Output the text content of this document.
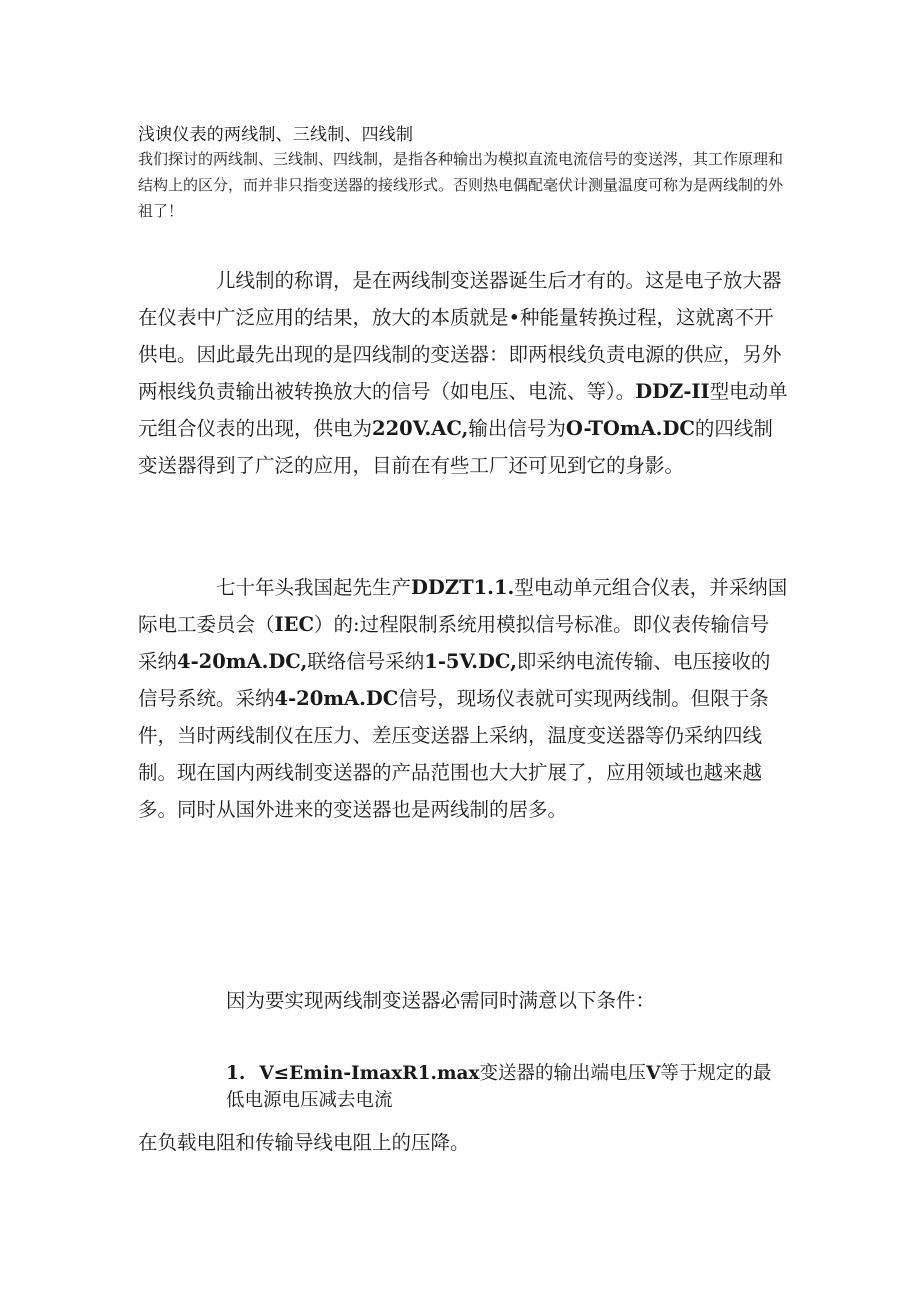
浅谀仪表的两线制、三线制、四线制
我们探讨的两线制、三线制、四线制，是指各种输出为模拟直流电流信号的变送涔，其工作原理和结构上的区分，而并非只指变送器的接线形式。否则热电偶配毫伏计测量温度可称为是两线制的外祖了！
儿线制的称谓，是在两线制变送器诞生后才有的。这是电子放大器在仪表中广泛应用的结果，放大的本质就是•种能量转换过程，这就离不开供电。因此最先出现的是四线制的变送器：即两根线负责电源的供应，另外两根线负责输出被转换放大的信号（如电压、电流、等）。DDZ-II型电动单元组合仪表的出现，供电为220V.AC,输出信号为O-TOmA.DC的四线制变送器得到了广泛的应用，目前在有些工厂还可见到它的身影。
七十年头我国起先生产DDZT1.1.型电动单元组合仪表，并采纳国际电工委员会（IEC）的:过程限制系统用模拟信号标准。即仪表传输信号采纳4-20mA.DC,联络信号采纳1-5V.DC,即采纳电流传输、电压接收的信号系统。采纳4-20mA.DC信号，现场仪表就可实现两线制。但限于条件，当时两线制仪在压力、差压变送器上采纳，温度变送器等仍采纳四线制。现在国内两线制变送器的产品范围也大大扩展了，应用领域也越来越多。同时从国外进来的变送器也是两线制的居多。
因为要实现两线制变送器必需同时满意以下条件：
1. V≤Emin-ImaxR1.max变送器的输出端电压V等于规定的最低电源电压减去电流
在负载电阻和传输导线电阻上的压降。
